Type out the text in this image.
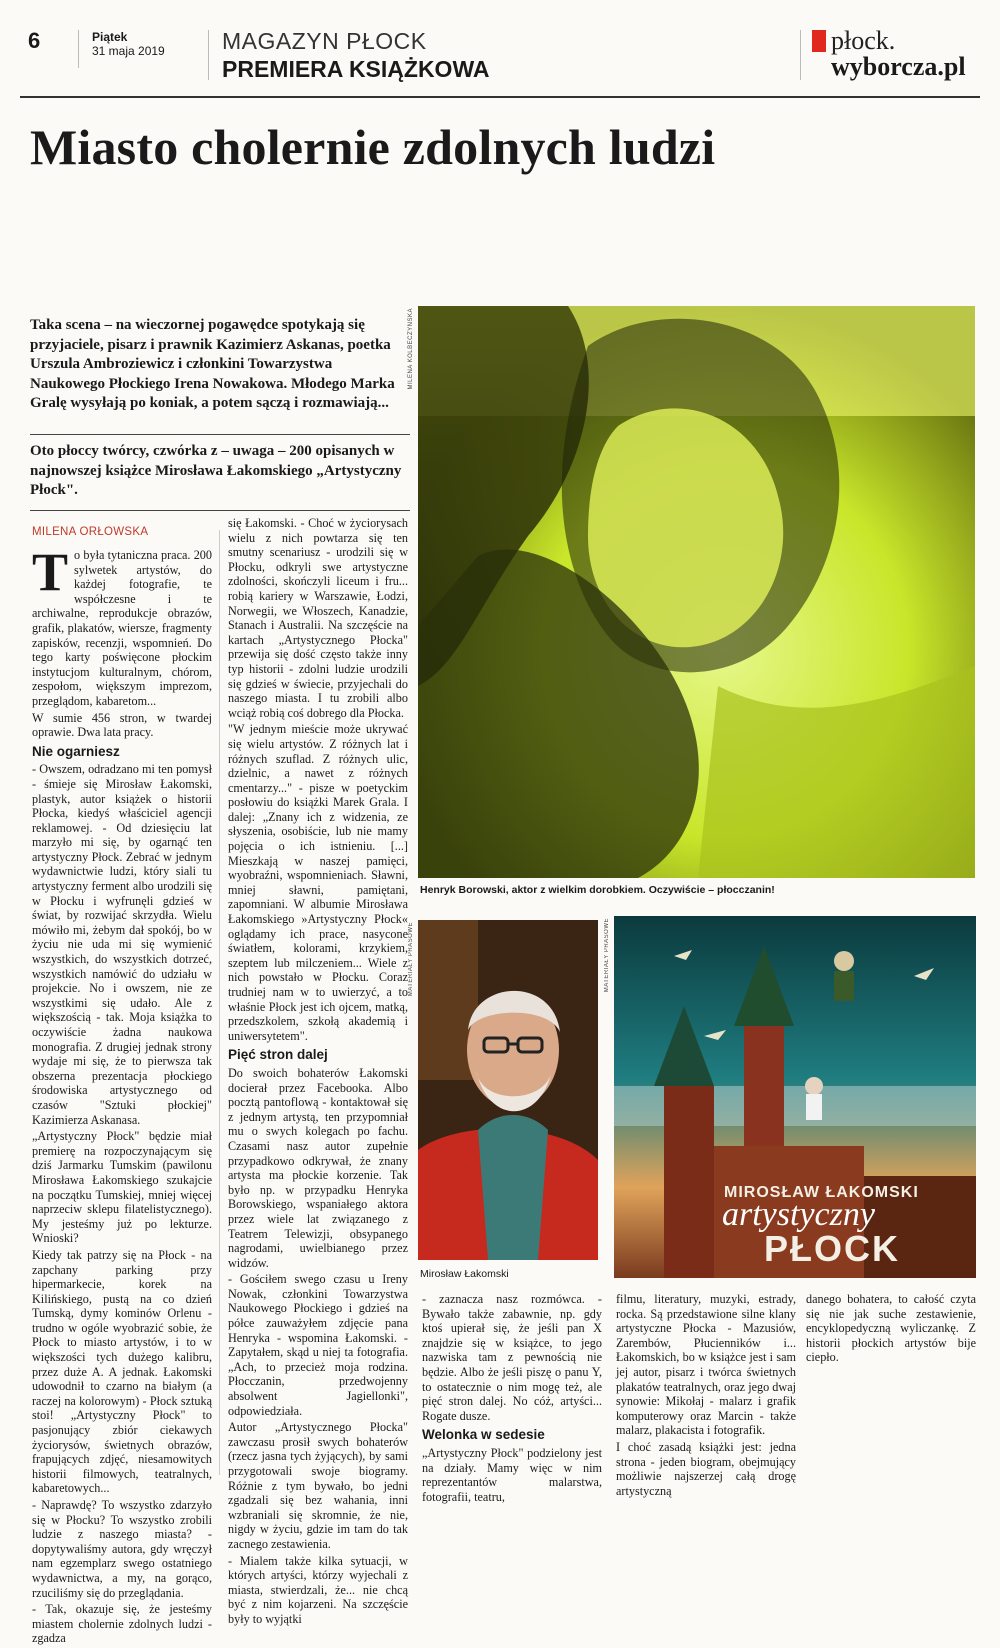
6	Piątek
31 maja 2019 MAGAZYN PŁOCK
PREMIERA KSIĄŻKOWA
płock.
wyborcza.pl
Miasto cholernie zdolnych ludzi
Taka scena – na wieczornej pogawędce spotykają się przyjaciele, pisarz i prawnik Kazimierz Askanas, poetka Urszula Ambroziewicz i członkini Towarzystwa Naukowego Płockiego Irena Nowakowa. Młodego Marka Gralę wysyłają po koniak, a potem sączą i rozmawiają...
Oto płoccy twórcy, czwórka z – uwaga – 200 opisanych w najnowszej książce Mirosława Łakomskiego „Artystyczny Płock".
MILENA ORŁOWSKA
MILENA KOLBECZYŃSKA
Henryk Borowski, aktor z wielkim dorobkiem. Oczywiście – płocczanin!
MATERIAŁY PRASOWE
Mirosław Łakomski
MIROSŁAW ŁAKOMSKI
artystyczny
PŁOCK
MATERIAŁY PRASOWE

To była tytaniczna praca. 200 sylwetek artystów, do każdej fotografie, te współczesne i te archiwalne, reprodukcje obrazów, grafik, plakatów, wiersze, fragmenty zapisków, recenzji, wspomnień. Do tego karty poświęcone płockim instytucjom kulturalnym, chórom, zespołom, większym imprezom, przeglądom, kabaretom...

W sumie 456 stron, w twardej oprawie. Dwa lata pracy.

Nie ogarniesz

- Owszem, odradzano mi ten pomysł - śmieje się Mirosław Łakomski, plastyk, autor książek o historii Płocka, kiedyś właściciel agencji reklamowej. - Od dziesięciu lat marzyło mi się, by ogarnąć ten artystyczny Płock. Zebrać w jednym wydawnictwie ludzi, który siali tu artystyczny ferment albo urodzili się w Płocku i wyfrunęli gdzieś w świat, by rozwijać skrzydła. Wielu mówiło mi, żebym dał spokój, bo w życiu nie uda mi się wymienić wszystkich, do wszystkich dotrzeć, wszystkich namówić do udziału w projekcie. No i owszem, nie ze wszystkimi się udało. Ale z większością - tak. Moja książka to oczywiście żadna naukowa monografia. Z drugiej jednak strony wydaje mi się, że to pierwsza tak obszerna prezentacja płockiego środowiska artystycznego od czasów "Sztuki płockiej" Kazimierza Askanasa.

„Artystyczny Płock" będzie miał premierę na rozpoczynającym się dziś Jarmarku Tumskim (pawilonu Mirosława Łakomskiego szukajcie na początku Tumskiej, mniej więcej naprzeciw sklepu filatelistycznego). My jesteśmy już po lekturze. Wnioski?

Kiedy tak patrzy się na Płock - na zapchany parking przy hipermarkecie, korek na Kilińskiego, pustą na co dzień Tumską, dymy kominów Orlenu - trudno w ogóle wyobrazić sobie, że Płock to miasto artystów, i to w większości tych dużego kalibru, przez duże A. A jednak. Łakomski udowodnił to czarno na białym (a raczej na kolorowym) - Płock sztuką stoi! „Artystyczny Płock" to pasjonujący zbiór ciekawych życiorysów, świetnych obrazów, frapujących zdjęć, niesamowitych historii filmowych, teatralnych, kabaretowych...

- Naprawdę? To wszystko zdarzyło się w Płocku? To wszystko zrobili ludzie z naszego miasta? - dopytywaliśmy autora, gdy wręczył nam egzemplarz swego ostatniego wydawnictwa, a my, na gorąco, rzuciliśmy się do przeglądania.

- Tak, okazuje się, że jesteśmy miastem cholernie zdolnych ludzi - zgadza

się Łakomski. - Choć w życiorysach wielu z nich powtarza się ten smutny scenariusz - urodzili się w Płocku, odkryli swe artystyczne zdolności, skończyli liceum i fru... robią kariery w Warszawie, Łodzi, Norwegii, we Włoszech, Kanadzie, Stanach i Australii. Na szczęście na kartach „Artystycznego Płocka" przewija się dość często także inny typ historii - zdolni ludzie urodzili się gdzieś w świecie, przyjechali do naszego miasta. I tu zrobili albo wciąż robią coś dobrego dla Płocka.

"W jednym mieście może ukrywać się wielu artystów. Z różnych lat i różnych szuflad. Z różnych ulic, dzielnic, a nawet z różnych cmentarzy..." - pisze w poetyckim posłowiu do książki Marek Grala. I dalej: „Znany ich z widzenia, ze słyszenia, osobiście, lub nie mamy pojęcia o ich istnieniu. [...] Mieszkają w naszej pamięci, wyobraźni, wspomnieniach. Sławni, mniej sławni, pamiętani, zapomniani. W albumie Mirosława Łakomskiego »Artystyczny Płock« oglądamy ich prace, nasycone światłem, kolorami, krzykiem, szeptem lub milczeniem... Wiele z nich powstało w Płocku. Coraz trudniej nam w to uwierzyć, a to właśnie Płock jest ich ojcem, matką, przedszkolem, szkołą akademią i uniwersytetem".

Pięć stron dalej

Do swoich bohaterów Łakomski docierał przez Facebooka. Albo pocztą pantoflową - kontaktował się z jednym artystą, ten przypomniał mu o swych kolegach po fachu. Czasami nasz autor zupełnie przypadkowo odkrywał, że znany artysta ma płockie korzenie. Tak było np. w przypadku Henryka Borowskiego, wspaniałego aktora przez wiele lat związanego z Teatrem Telewizji, obsypanego nagrodami, uwielbianego przez widzów.

- Gościłem swego czasu u Ireny Nowak, członkini Towarzystwa Naukowego Płockiego i gdzieś na półce zauważyłem zdjęcie pana Henryka - wspomina Łakomski. - Zapytałem, skąd u niej ta fotografia. „Ach, to przecież moja rodzina. Płocczanin, przedwojenny absolwent Jagiellonki", odpowiedziała.

Autor „Artystycznego Płocka" zawczasu prosił swych bohaterów (rzecz jasna tych żyjących), by sami przygotowali swoje biogramy. Różnie z tym bywało, bo jedni zgadzali się bez wahania, inni wzbraniali się skromnie, że nie, nigdy w życiu, gdzie im tam do tak zacnego zestawienia.

- Mialem także kilka sytuacji, w których artyści, którzy wyjechali z miasta, stwierdzali, że... nie chcą być z nim kojarzeni. Na szczęście były to wyjątki

- zaznacza nasz rozmówca. - Bywało także zabawnie, np. gdy ktoś upierał się, że jeśli pan X znajdzie się w książce, to jego nazwiska tam z pewnością nie będzie. Albo że jeśli piszę o panu Y, to ostatecznie o nim mogę też, ale pięć stron dalej. No cóż, artyści... Rogate dusze.

Welonka w sedesie

„Artystyczny Płock" podzielony jest na działy. Mamy więc w nim reprezentantów malarstwa, fotografii, teatru,

filmu, literatury, muzyki, estrady, rocka. Są przedstawione silne klany artystyczne Płocka - Mazusiów, Zarembów, Płucienników i... Łakomskich, bo w książce jest i sam jej autor, pisarz i twórca świetnych plakatów teatralnych, oraz jego dwaj synowie: Mikołaj - malarz i grafik komputerowy oraz Marcin - także malarz, plakacista i fotografik.

I choć zasadą książki jest: jedna strona - jeden biogram, obejmujący możliwie najszerzej całą drogę artystyczną

danego bohatera, to całość czyta się nie jak suche zestawienie, encyklopedyczną wyliczankę. Z historii płockich artystów bije ciepło.
